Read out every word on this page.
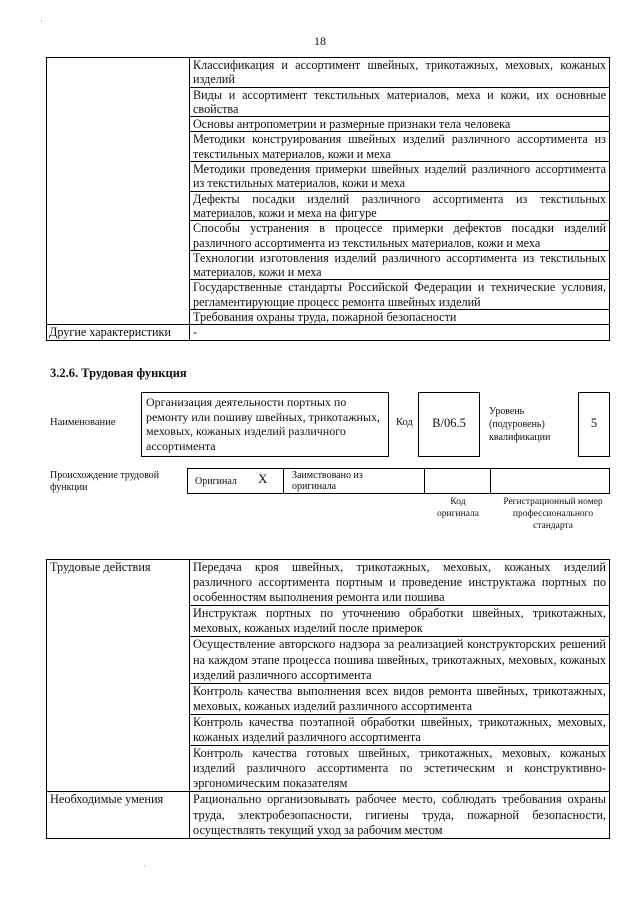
·
18
	Классификация и ассортимент швейных, трикотажных, меховых, кожаных изделий
	Виды и ассортимент текстильных материалов, меха и кожи, их основные свойства
	Основы антропометрии и размерные признаки тела человека
	Методики конструирования швейных изделий различного ассортимента из текстильных материалов, кожи и меха
	Методики проведения примерки швейных изделий различного ассортимента из текстильных материалов, кожи и меха
	Дефекты посадки изделий различного ассортимента из текстильных материалов, кожи и меха на фигуре
	Способы устранения в процессе примерки дефектов посадки изделий различного ассортимента из текстильных материалов, кожи и меха
	Технологии изготовления изделий различного ассортимента из текстильных материалов, кожи и меха
	Государственные стандарты Российской Федерации и технические условия, регламентирующие процесс ремонта швейных изделий
	Требования охраны труда, пожарной безопасности
Другие характеристики	-
3.2.6. Трудовая функция
Наименование
Организация деятельности портных по ремонту или пошиву швейных, трикотажных, меховых, кожаных изделий различного ассортимента
Код	B/06.5
Уровень (подуровень) квалификации
5
Происхождение трудовой функции
Оригинал X Заимствовано из оригинала
Код оригинала
Регистрационный номер профессионального стандарта
Трудовые действия	Передача кроя швейных, трикотажных, меховых, кожаных изделий различного ассортимента портным и проведение инструктажа портных по особенностям выполнения ремонта или пошива
	Инструктаж портных по уточнению обработки швейных, трикотажных, меховых, кожаных изделий после примерок
	Осуществление авторского надзора за реализацией конструкторских решений на каждом этапе процесса пошива швейных, трикотажных, меховых, кожаных изделий различного ассортимента
	Контроль качества выполнения всех видов ремонта швейных, трикотажных, меховых, кожаных изделий различного ассортимента
	Контроль качества поэтапной обработки швейных, трикотажных, меховых, кожаных изделий различного ассортимента
	Контроль качества готовых швейных, трикотажных, меховых, кожаных изделий различного ассортимента по эстетическим и конструктивно-эргономическим показателям
Необходимые умения	Рационально организовывать рабочее место, соблюдать требования охраны труда, электробезопасности, гигиены труда, пожарной безопасности, осуществлять текущий уход за рабочим местом
·
